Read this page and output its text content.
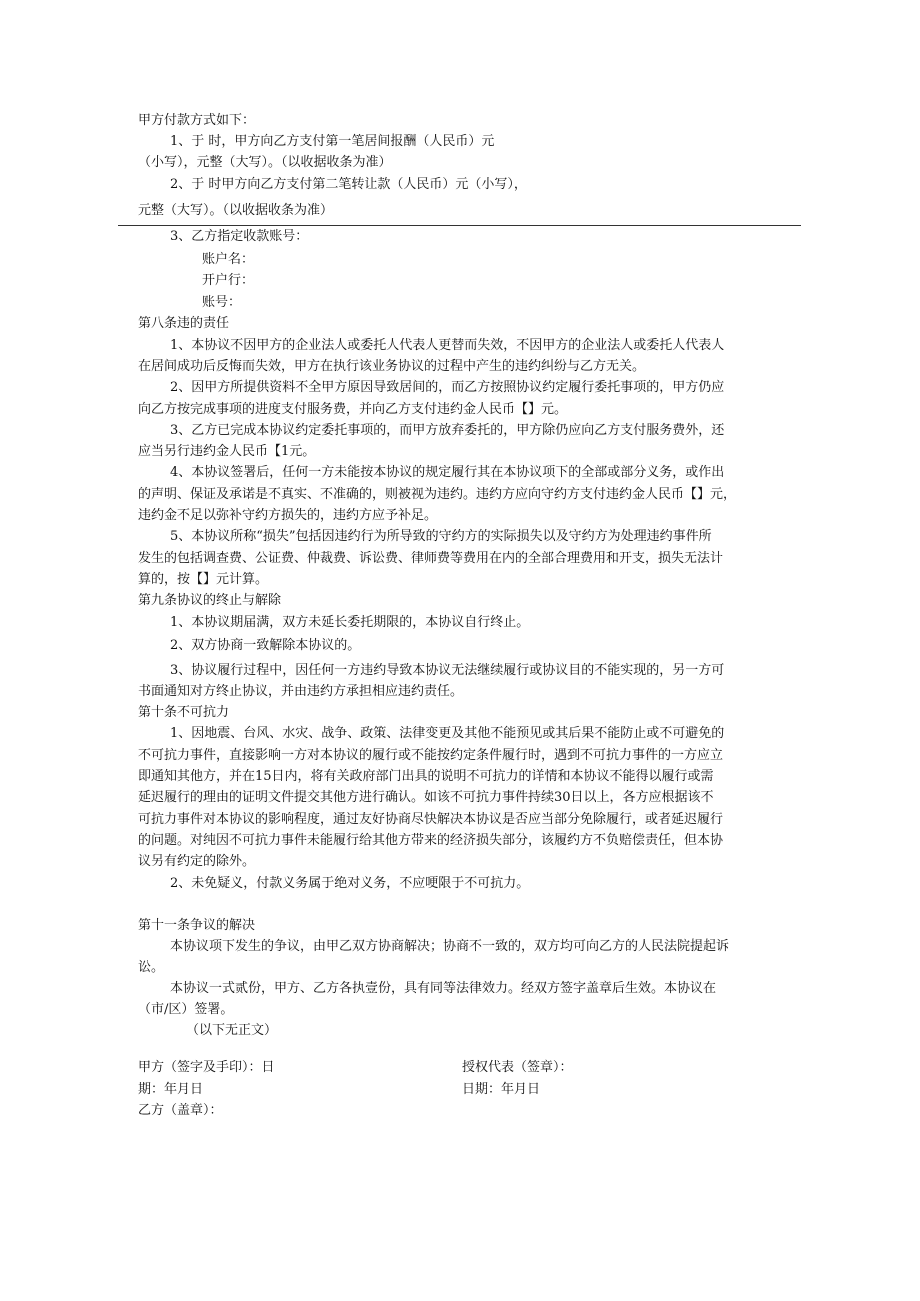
甲方付款方式如下：
1、于 时，甲方向乙方支付第一笔居间报酬（人民币）元
（小写），元整（大写）。（以收据收条为准）
2、于 时甲方向乙方支付第二笔转让款（人民币）元（小写），
元整（大写）。（以收据收条为准）
3、乙方指定收款账号：
账户名：
开户行：
账号：
第八条违的责任
1、本协议不因甲方的企业法人或委托人代表人更替而失效，不因甲方的企业法人或委托人代表人
在居间成功后反悔而失效，甲方在执行该业务协议的过程中产生的违约纠纷与乙方无关。
2、因甲方所提供资料不全甲方原因导致居间的，而乙方按照协议约定履行委托事项的，甲方仍应
向乙方按完成事项的进度支付服务费，并向乙方支付违约金人民币【】元。
3、乙方已完成本协议约定委托事项的，而甲方放弃委托的，甲方除仍应向乙方支付服务费外，还
应当另行违约金人民币【1元。
4、本协议签署后，任何一方未能按本协议的规定履行其在本协议项下的全部或部分义务，或作出
的声明、保证及承诺是不真实、不准确的，则被视为违约。违约方应向守约方支付违约金人民币【】元，
违约金不足以弥补守约方损失的，违约方应予补足。
5、本协议所称“损失”包括因违约行为所导致的守约方的实际损失以及守约方为处理违约事件所
发生的包括调查费、公证费、仲裁费、诉讼费、律师费等费用在内的全部合理费用和开支，损失无法计
算的，按【】元计算。
第九条协议的终止与解除
1、本协议期届满，双方未延长委托期限的，本协议自行终止。
2、双方协商一致解除本协议的。
3、协议履行过程中，因任何一方违约导致本协议无法继续履行或协议目的不能实现的，另一方可
书面通知对方终止协议，并由违约方承担相应违约责任。
第十条不可抗力
1、因地震、台风、水灾、战争、政策、法律变更及其他不能预见或其后果不能防止或不可避免的
不可抗力事件，直接影响一方对本协议的履行或不能按约定条件履行时，遇到不可抗力事件的一方应立
即通知其他方，并在15日内，将有关政府部门出具的说明不可抗力的详情和本协议不能得以履行或需
延迟履行的理由的证明文件提交其他方进行确认。如该不可抗力事件持续30日以上，各方应根据该不
可抗力事件对本协议的影响程度，通过友好协商尽快解决本协议是否应当部分免除履行，或者延迟履行
的问题。对纯因不可抗力事件未能履行给其他方带来的经济损失部分，该履约方不负赔偿责任，但本协
议另有约定的除外。
2、未免疑义，付款义务属于绝对义务，不应哽限于不可抗力。
第十一条争议的解决
本协议项下发生的争议，由甲乙双方协商解决；协商不一致的，双方均可向乙方的人民法院提起诉
讼。
本协议一式贰份，甲方、乙方各执壹份，具有同等法律效力。经双方签字盖章后生效。本协议在
（市/区）签署。
（以下无正文）
甲方（签字及手印）：日
期：年月日
乙方（盖章）：
授权代表（签章）：
日期：年月日
